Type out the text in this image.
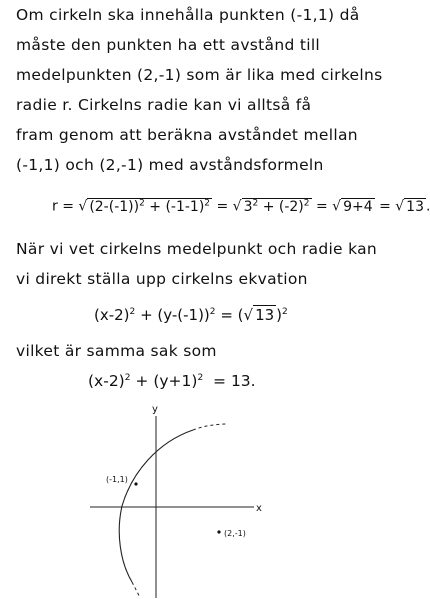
Om cirkeln ska innehålla punkten (-1,1) då
måste den punkten ha ett avstånd till
medelpunkten (2,-1) som är lika med cirkelns
radie r. Cirkelns radie kan vi alltså få
fram genom att beräkna avståndet mellan
(-1,1) och (2,-1) med avståndsformeln
r = √ $(2-(-1))^2 + (-1-1)^2$ = √ $3^2 + (-2)^2$ = √ 9+4 = √ 13
När vi vet cirkelns medelpunkt och radie kan
vi direkt ställa upp cirkelns ekvation
$(x-2)^2 + (y-(-1))^2$ = (√ 13 )$^2$
vilket är samma sak som
$(x-2)^2 + (y+1)^2 = 13$.
y
x
(-1,1)
(2,-1)
